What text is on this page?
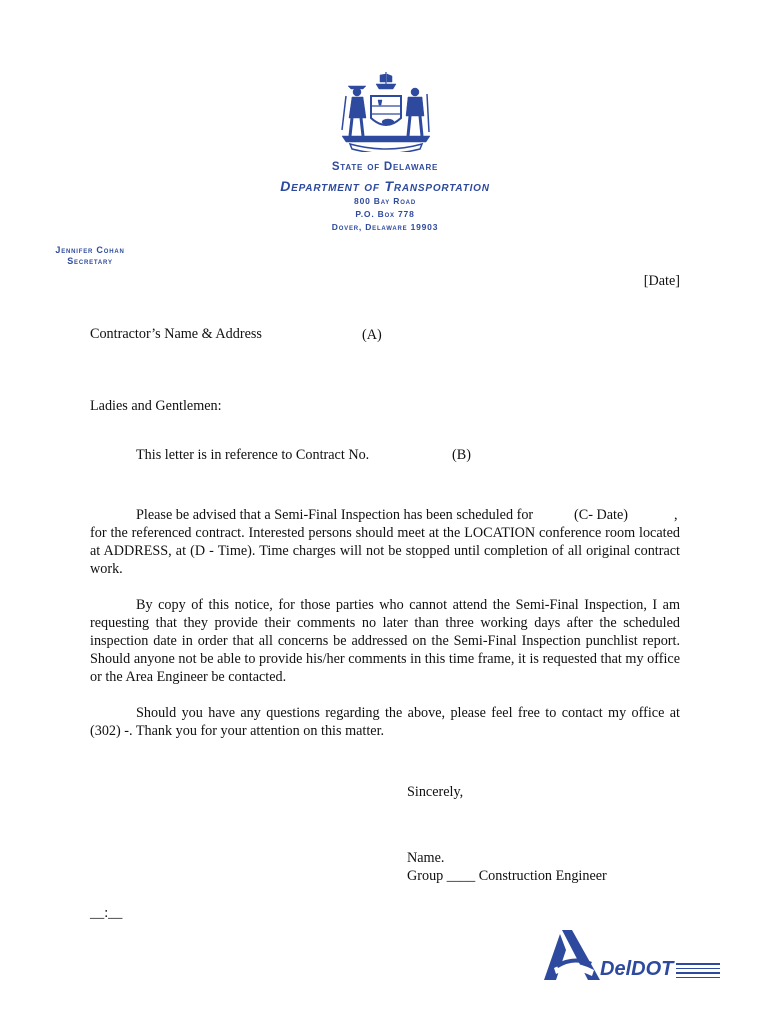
State of Delaware
Department of Transportation
800 Bay Road
P.O. Box 778
Dover, Delaware 19903
Jennifer Cohan
Secretary
[Date]
Contractor’s Name & Address	(A)
Ladies and Gentlemen:
This letter is in reference to Contract No.	(B)
Please be advised that a Semi-Final Inspection has been scheduled for	(C- Date)	,
for the referenced contract. Interested persons should meet at the LOCATION conference room located at ADDRESS, at (D - Time). Time charges will not be stopped until completion of all original contract work.
By copy of this notice, for those parties who cannot attend the Semi-Final Inspection, I am requesting that they provide their comments no later than three working days after the scheduled inspection date in order that all concerns be addressed on the Semi-Final Inspection punchlist report. Should anyone not be able to provide his/her comments in this time frame, it is requested that my office or the Area Engineer be contacted.
Should you have any questions regarding the above, please feel free to contact my office at (302) -. Thank you for your attention on this matter.
Sincerely,
Name.
Group ____ Construction Engineer
__:__
DelDOT
